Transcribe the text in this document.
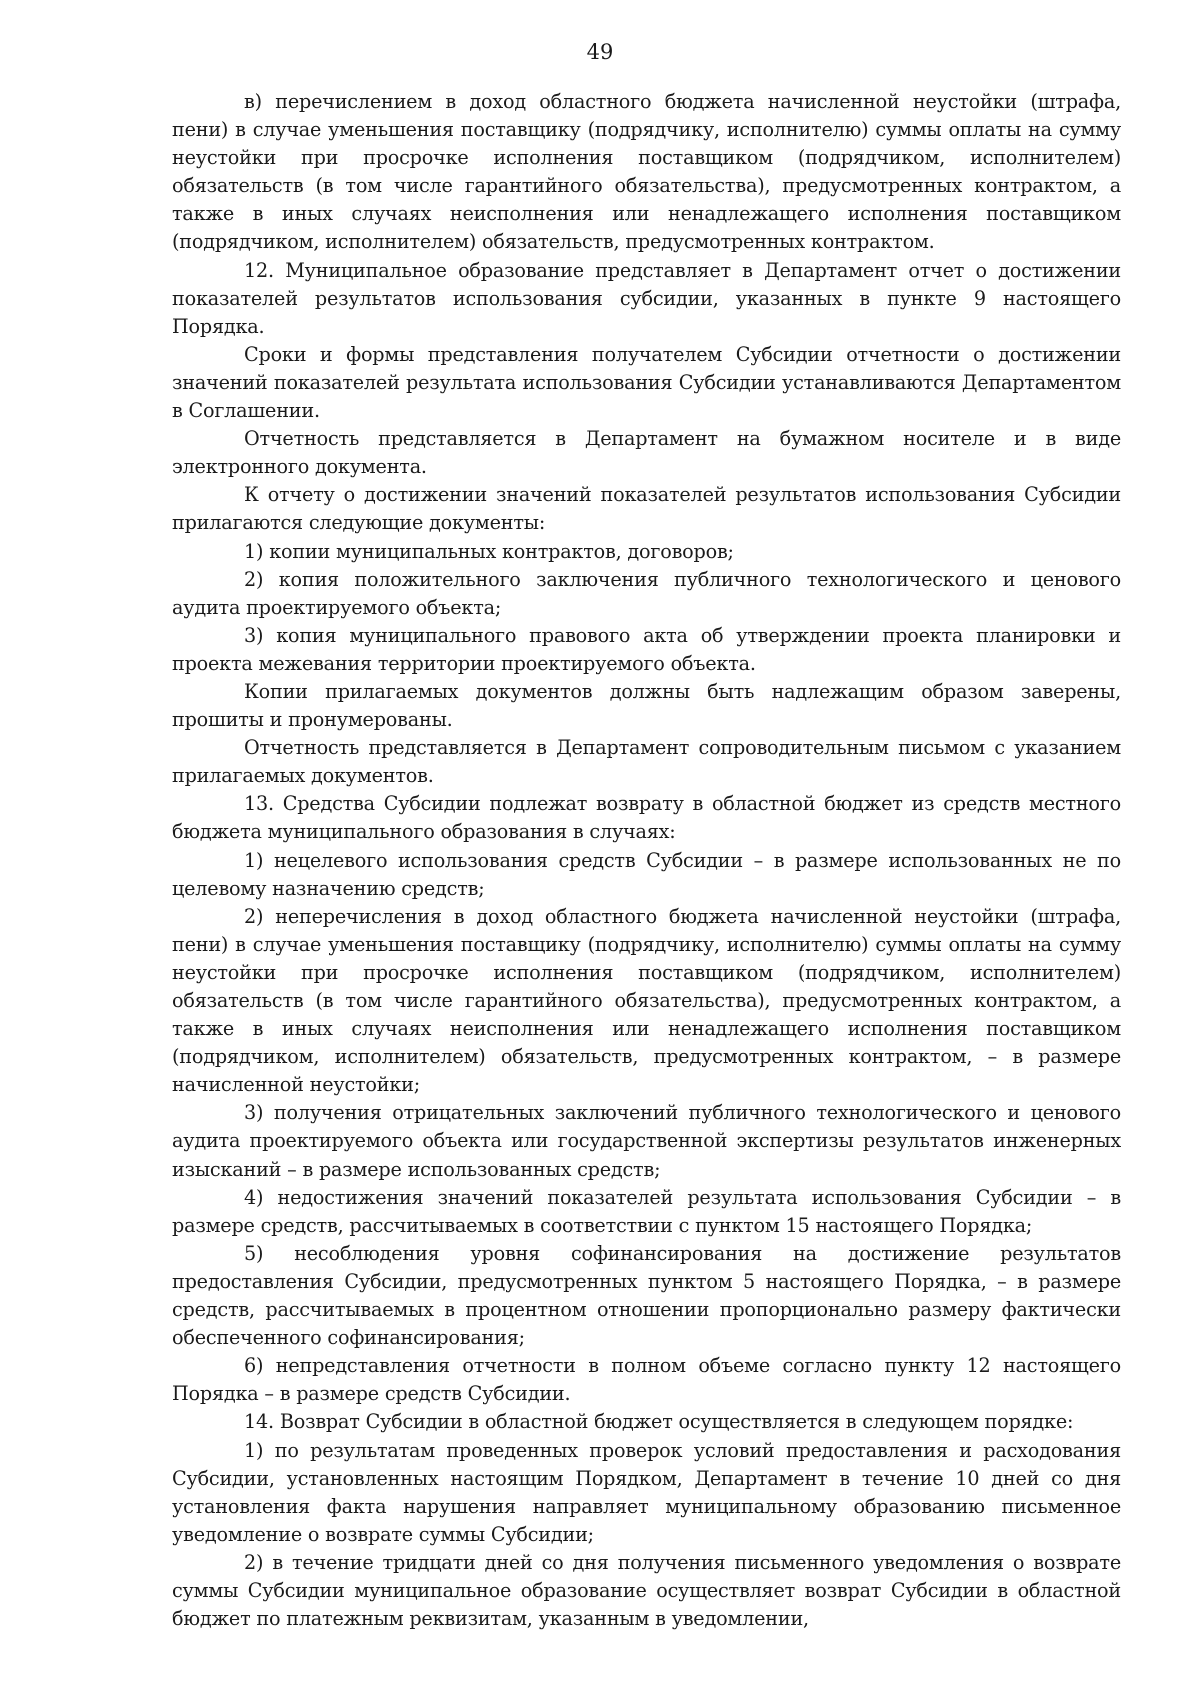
49

в) перечислением в доход областного бюджета начисленной неустойки (штрафа, пени) в случае уменьшения поставщику (подрядчику, исполнителю) суммы оплаты на сумму неустойки при просрочке исполнения поставщиком (подрядчиком, исполнителем) обязательств (в том числе гарантийного обязательства), предусмотренных контрактом, а также в иных случаях неисполнения или ненадлежащего исполнения поставщиком (подрядчиком, исполнителем) обязательств, предусмотренных контрактом.

12. Муниципальное образование представляет в Департамент отчет о достижении показателей результатов использования субсидии, указанных в пункте 9 настоящего Порядка.

Сроки и формы представления получателем Субсидии отчетности о достижении значений показателей результата использования Субсидии устанавливаются Департаментом в Соглашении.

Отчетность представляется в Департамент на бумажном носителе и в виде электронного документа.

К отчету о достижении значений показателей результатов использования Субсидии прилагаются следующие документы:

1) копии муниципальных контрактов, договоров;

2) копия положительного заключения публичного технологического и ценового аудита проектируемого объекта;

3) копия муниципального правового акта об утверждении проекта планировки и проекта межевания территории проектируемого объекта.

Копии прилагаемых документов должны быть надлежащим образом заверены, прошиты и пронумерованы.

Отчетность представляется в Департамент сопроводительным письмом с указанием прилагаемых документов.

13. Средства Субсидии подлежат возврату в областной бюджет из средств местного бюджета муниципального образования в случаях:

1) нецелевого использования средств Субсидии – в размере использованных не по целевому назначению средств;

2) неперечисления в доход областного бюджета начисленной неустойки (штрафа, пени) в случае уменьшения поставщику (подрядчику, исполнителю) суммы оплаты на сумму неустойки при просрочке исполнения поставщиком (подрядчиком, исполнителем) обязательств (в том числе гарантийного обязательства), предусмотренных контрактом, а также в иных случаях неисполнения или ненадлежащего исполнения поставщиком (подрядчиком, исполнителем) обязательств, предусмотренных контрактом, – в размере начисленной неустойки;

3) получения отрицательных заключений публичного технологического и ценового аудита проектируемого объекта или государственной экспертизы результатов инженерных изысканий – в размере использованных средств;

4) недостижения значений показателей результата использования Субсидии – в размере средств, рассчитываемых в соответствии с пунктом 15 настоящего Порядка;

5) несоблюдения уровня софинансирования на достижение результатов предоставления Субсидии, предусмотренных пунктом 5 настоящего Порядка, – в размере средств, рассчитываемых в процентном отношении пропорционально размеру фактически обеспеченного софинансирования;

6) непредставления отчетности в полном объеме согласно пункту 12 настоящего Порядка – в размере средств Субсидии.

14. Возврат Субсидии в областной бюджет осуществляется в следующем порядке:

1) по результатам проведенных проверок условий предоставления и расходования Субсидии, установленных настоящим Порядком, Департамент в течение 10 дней со дня установления факта нарушения направляет муниципальному образованию письменное уведомление о возврате суммы Субсидии;

2) в течение тридцати дней со дня получения письменного уведомления о возврате суммы Субсидии муниципальное образование осуществляет возврат Субсидии в областной бюджет по платежным реквизитам, указанным в уведомлении,
